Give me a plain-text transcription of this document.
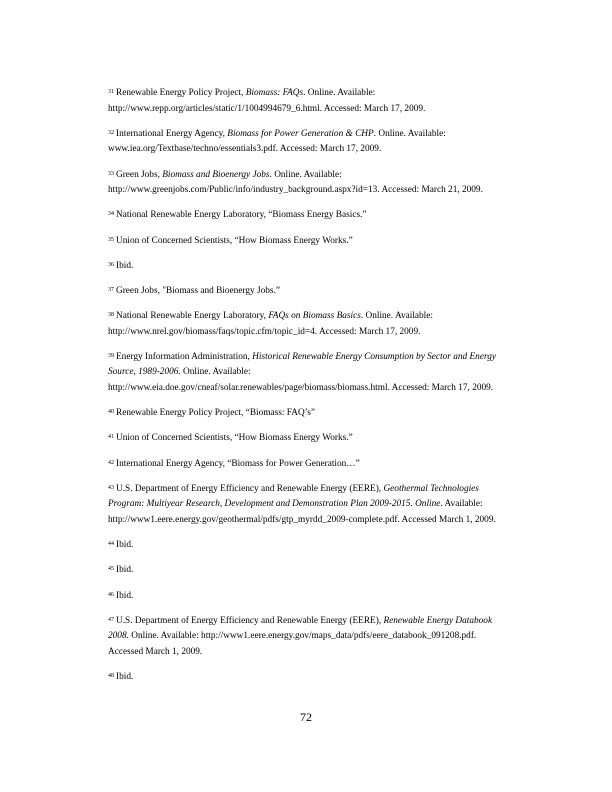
$^{31}$ Renewable Energy Policy Project, Biomass: FAQs. Online. Available:
http://www.repp.org/articles/static/1/1004994679_6.html. Accessed: March 17, 2009.
$^{32}$ International Energy Agency, Biomass for Power Generation & CHP. Online. Available:
www.iea.org/Textbase/techno/essentials3.pdf. Accessed: March 17, 2009.
$^{33}$ Green Jobs, Biomass and Bioenergy Jobs. Online. Available:
http://www.greenjobs.com/Public/info/industry_background.aspx?id=13. Accessed: March 21, 2009.
$^{34}$ National Renewable Energy Laboratory, “Biomass Energy Basics.”
$^{35}$ Union of Concerned Scientists, “How Biomass Energy Works.”
$^{36}$ Ibid.
$^{37}$ Green Jobs, "Biomass and Bioenergy Jobs.”
$^{38}$ National Renewable Energy Laboratory, FAQs on Biomass Basics. Online. Available:
http://www.nrel.gov/biomass/faqs/topic.cfm/topic_id=4. Accessed: March 17, 2009.
$^{39}$ Energy Information Administration, Historical Renewable Energy Consumption by Sector and Energy
Source, 1989-2006. Online. Available:
http://www.eia.doe.gov/cneaf/solar.renewables/page/biomass/biomass.html. Accessed: March 17, 2009.
$^{40}$ Renewable Energy Policy Project, “Biomass: FAQ’s”
$^{41}$ Union of Concerned Scientists, “How Biomass Energy Works.”
$^{42}$ International Energy Agency, “Biomass for Power Generation…”
$^{43}$ U.S. Department of Energy Efficiency and Renewable Energy (EERE), Geothermal Technologies
Program: Multiyear Research, Development and Demonstration Plan 2009-2015. Online. Available:
http://www1.eere.energy.gov/geothermal/pdfs/gtp_myrdd_2009-complete.pdf. Accessed March 1, 2009.
$^{44}$ Ibid.
$^{45}$ Ibid.
$^{46}$ Ibid.
$^{47}$ U.S. Department of Energy Efficiency and Renewable Energy (EERE), Renewable Energy Databook
2008. Online. Available: http://www1.eere.energy.gov/maps_data/pdfs/eere_databook_091208.pdf.
Accessed March 1, 2009.
$^{48}$ Ibid.
72
